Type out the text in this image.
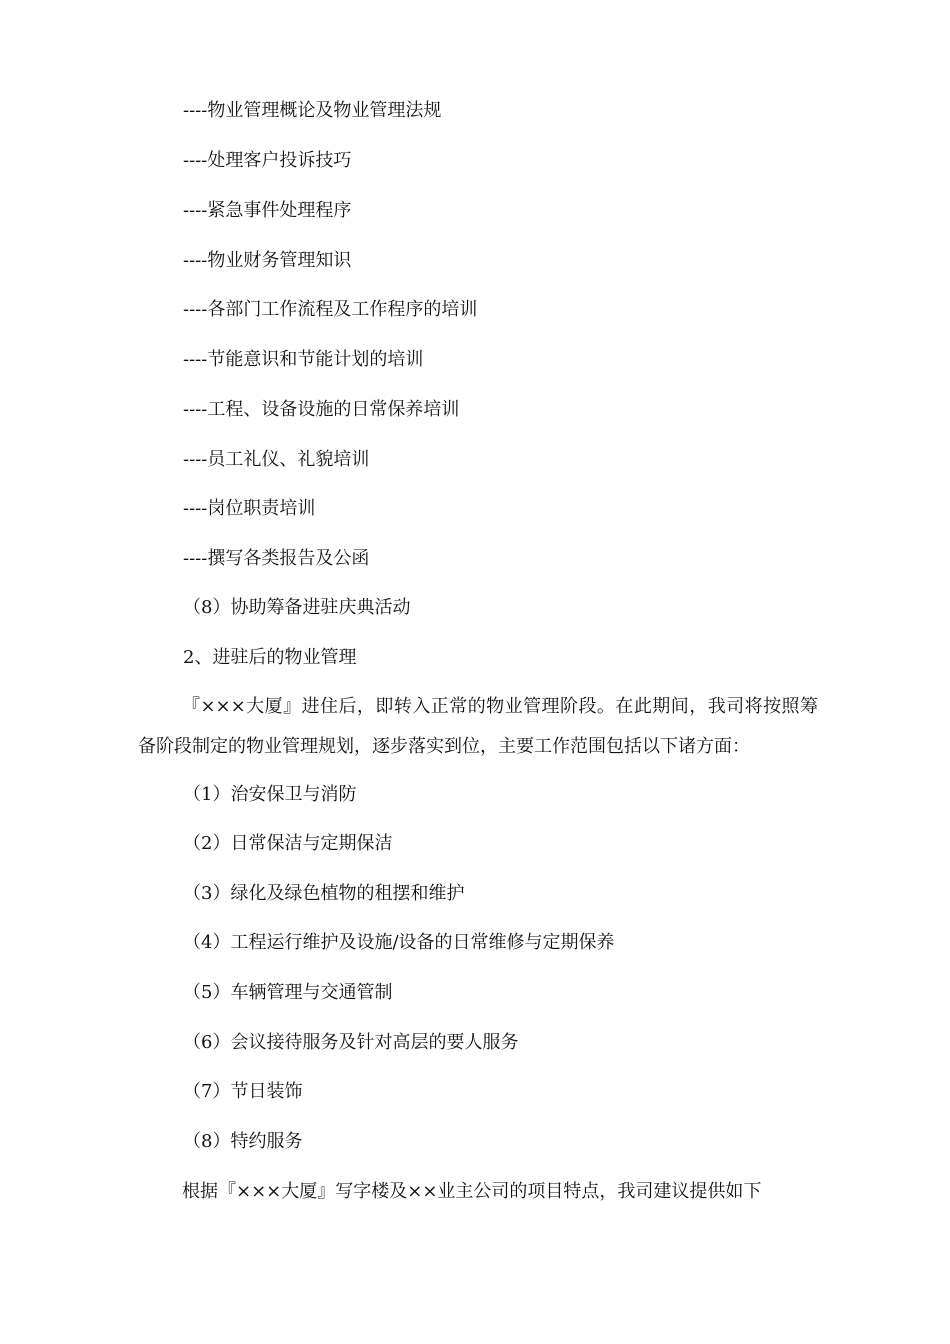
----物业管理概论及物业管理法规
----处理客户投诉技巧
----紧急事件处理程序
----物业财务管理知识
----各部门工作流程及工作程序的培训
----节能意识和节能计划的培训
----工程、设备设施的日常保养培训
----员工礼仪、礼貌培训
----岗位职责培训
----撰写各类报告及公函
（8）协助筹备进驻庆典活动
2、进驻后的物业管理
『×××大厦』进住后，即转入正常的物业管理阶段。在此期间，我司将按照筹备阶段制定的物业管理规划，逐步落实到位，主要工作范围包括以下诸方面：
（1）治安保卫与消防
（2）日常保洁与定期保洁
（3）绿化及绿色植物的租摆和维护
（4）工程运行维护及设施/设备的日常维修与定期保养
（5）车辆管理与交通管制
（6）会议接待服务及针对高层的要人服务
（7）节日装饰
（8）特约服务
根据『×××大厦』写字楼及××业主公司的项目特点，我司建议提供如下
